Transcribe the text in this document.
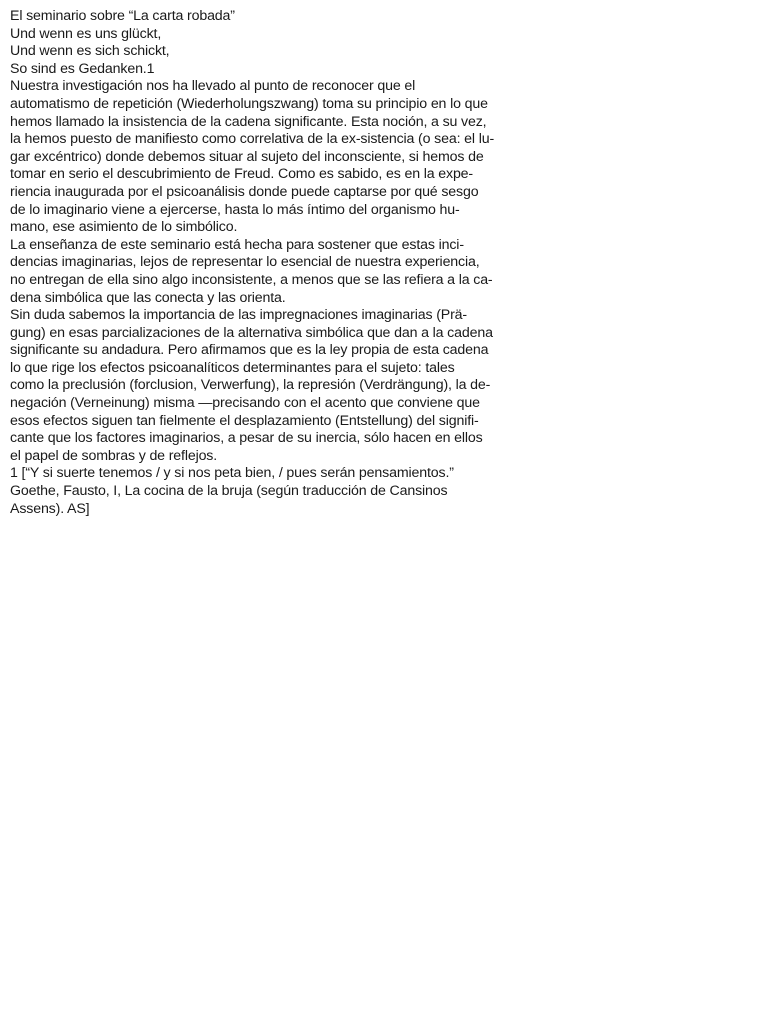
El seminario sobre “La carta robada”
Und wenn es uns glückt,
Und wenn es sich schickt,
So sind es Gedanken.1
Nuestra investigación nos ha llevado al punto de reconocer que el
automatismo de repetición (Wiederholungszwang) toma su principio en lo que
hemos llamado la insistencia de la cadena significante. Esta noción, a su vez,
la hemos puesto de manifiesto como correlativa de la ex-sistencia (o sea: el lu-
gar excéntrico) donde debemos situar al sujeto del inconsciente, si hemos de
tomar en serio el descubrimiento de Freud. Como es sabido, es en la expe-
riencia inaugurada por el psicoanálisis donde puede captarse por qué sesgo
de lo imaginario viene a ejercerse, hasta lo más íntimo del organismo hu-
mano, ese asimiento de lo simbólico.
La enseñanza de este seminario está hecha para sostener que estas inci-
dencias imaginarias, lejos de representar lo esencial de nuestra experiencia,
no entregan de ella sino algo inconsistente, a menos que se las refiera a la ca-
dena simbólica que las conecta y las orienta.
Sin duda sabemos la importancia de las impregnaciones imaginarias (Prä-
gung) en esas parcializaciones de la alternativa simbólica que dan a la cadena
significante su andadura. Pero afirmamos que es la ley propia de esta cadena
lo que rige los efectos psicoanalíticos determinantes para el sujeto: tales
como la preclusión (forclusion, Verwerfung), la represión (Verdrängung), la de-
negación (Verneinung) misma —precisando con el acento que conviene que
esos efectos siguen tan fielmente el desplazamiento (Entstellung) del signifi-
cante que los factores imaginarios, a pesar de su inercia, sólo hacen en ellos
el papel de sombras y de reflejos.
1 [“Y si suerte tenemos / y si nos peta bien, / pues serán pensamientos.”
Goethe, Fausto, I, La cocina de la bruja (según traducción de Cansinos
Assens). AS]
